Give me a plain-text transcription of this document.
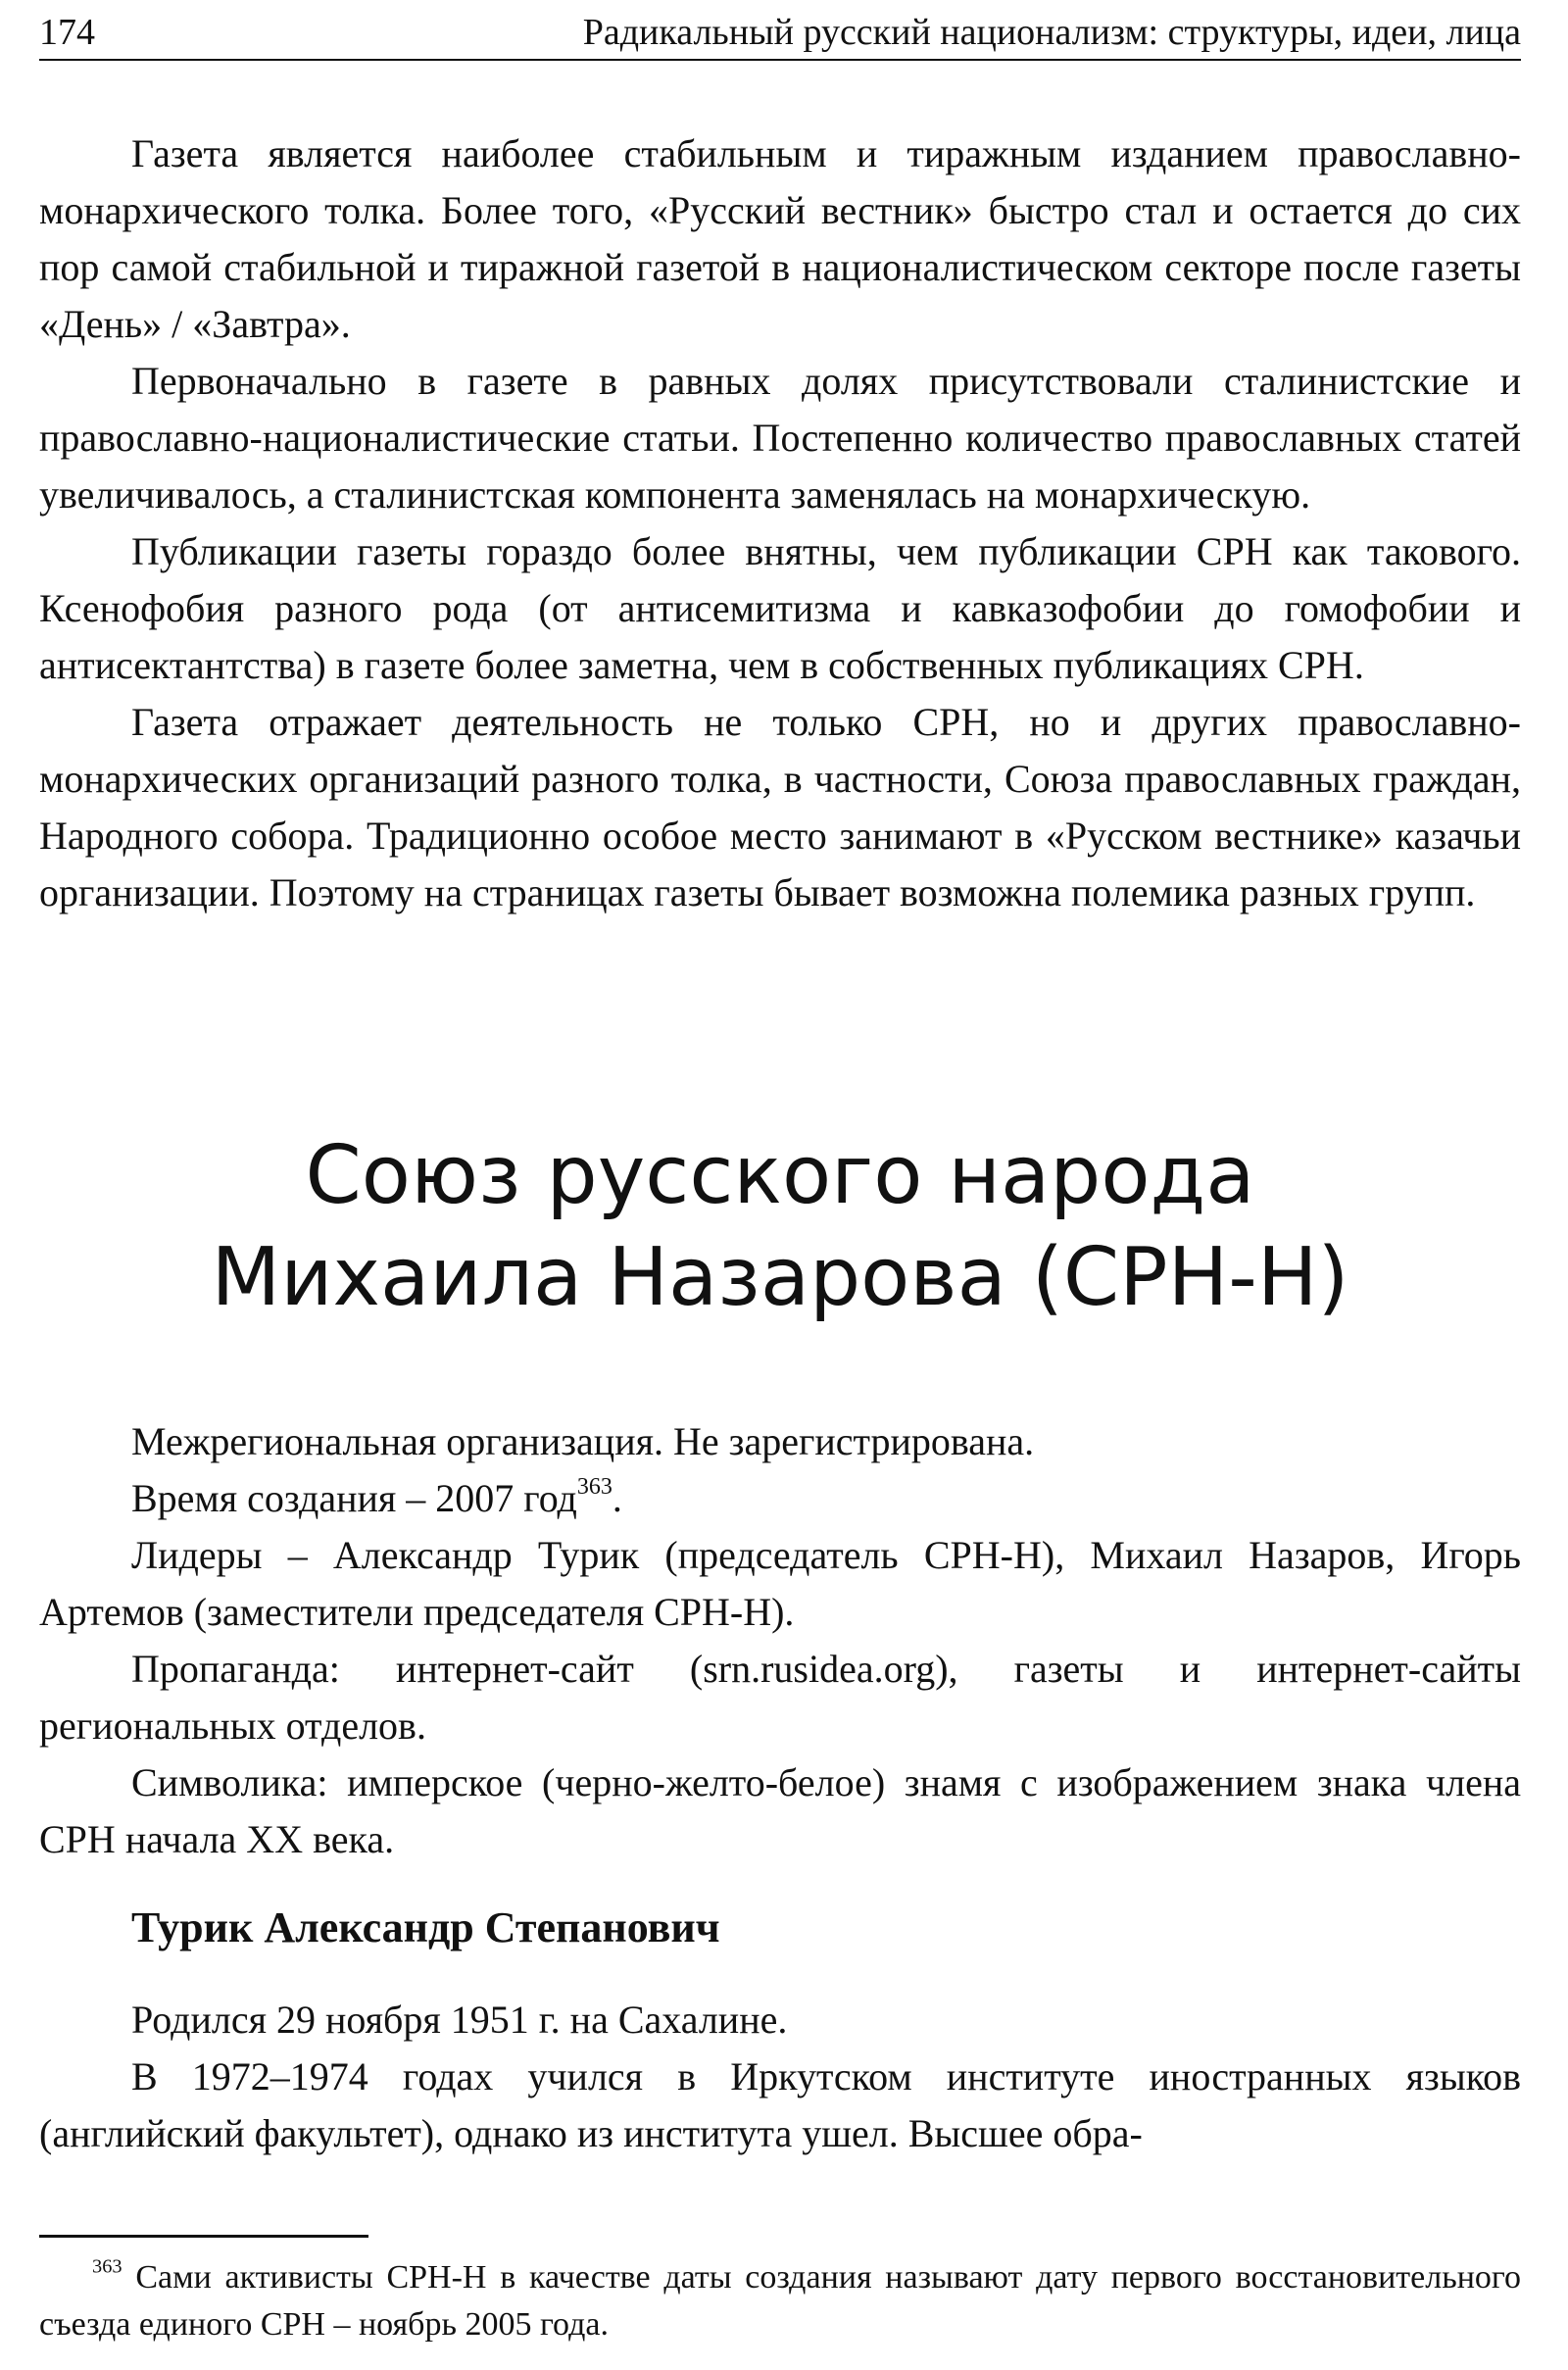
174	Радикальный русский национализм: структуры, идеи, лица

Газета является наиболее стабильным и тиражным изданием православно-монархического толка. Более того, «Русский вестник» быстро стал и остается до сих пор самой стабильной и тиражной газетой в националистическом секторе после газеты «День» / «Завтра».

Первоначально в газете в равных долях присутствовали сталинистские и православно-националистические статьи. Постепенно количество православных статей увеличивалось, а сталинистская компонента заменялась на монархическую.

Публикации газеты гораздо более внятны, чем публикации СРН как такового. Ксенофобия разного рода (от антисемитизма и кавказофобии до гомофобии и антисектантства) в газете более заметна, чем в собственных публикациях СРН.

Газета отражает деятельность не только СРН, но и других православно-монархических организаций разного толка, в частности, Союза православных граждан, Народного собора. Традиционно особое место занимают в «Русском вестнике» казачьи организации. Поэтому на страницах газеты бывает возможна полемика разных групп.

Союз русского народа
Михаила Назарова (СРН-Н)

Межрегиональная организация. Не зарегистрирована.

Время создания – 2007 год$^{363}$.

Лидеры – Александр Турик (председатель СРН-Н), Михаил Назаров, Игорь Артемов (заместители председателя СРН-Н).

Пропаганда: интернет-сайт (srn.rusidea.org), газеты и интернет-сайты региональных отделов.

Символика: имперское (черно-желто-белое) знамя с изображением знака члена СРН начала XX века.

Турик Александр Степанович

Родился 29 ноября 1951 г. на Сахалине.

В 1972–1974 годах учился в Иркутском институте иностранных языков (английский факультет), однако из института ушел. Высшее обра-

$^{363}$ Сами активисты СРН-Н в качестве даты создания называют дату первого восстановительного съезда единого СРН – ноябрь 2005 года.
